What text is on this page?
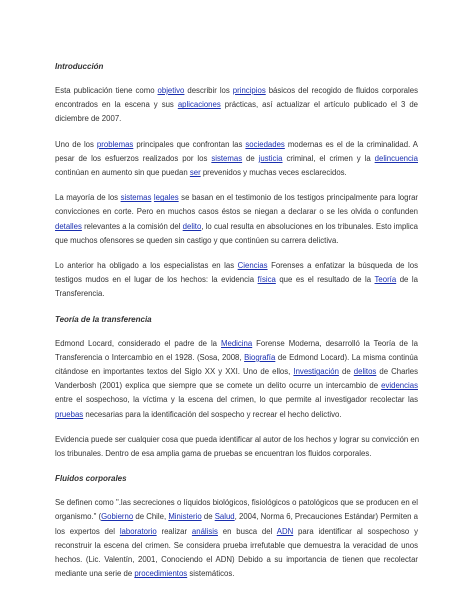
Introducción
Esta publicación tiene como objetivo describir los principios básicos del recogido de fluidos corporales
encontrados en la escena y sus aplicaciones prácticas, así actualizar el artículo publicado el 3 de
diciembre de 2007.
Uno de los problemas principales que confrontan las sociedades modernas es el de la criminalidad. A
pesar de los esfuerzos realizados por los sistemas de justicia criminal, el crimen y la delincuencia
continúan en aumento sin que puedan ser prevenidos y muchas veces esclarecidos.
La mayoría de los sistemas legales se basan en el testimonio de los testigos principalmente para lograr
convicciones en corte. Pero en muchos casos éstos se niegan a declarar o se les olvida o confunden
detalles relevantes a la comisión del delito, lo cual resulta en absoluciones en los tribunales. Esto implica
que muchos ofensores se queden sin castigo y que continúen su carrera delictiva.
Lo anterior ha obligado a los especialistas en las Ciencias Forenses a enfatizar la búsqueda de los
testigos mudos en el lugar de los hechos: la evidencia física que es el resultado de la Teoría de la
Transferencia.
Teoría de la transferencia
Edmond Locard, considerado el padre de la Medicina Forense Moderna, desarrolló la Teoría de la
Transferencia o Intercambio en el 1928. (Sosa, 2008, Biografía de Edmond Locard). La misma continúa
citándose en importantes textos del Siglo XX y XXI. Uno de ellos, Investigación de delitos de Charles
Vanderbosh (2001) explica que siempre que se comete un delito ocurre un intercambio de evidencias
entre el sospechoso, la víctima y la escena del crimen, lo que permite al investigador recolectar las
pruebas necesarias para la identificación del sospecho y recrear el hecho delictivo.
Evidencia puede ser cualquier cosa que pueda identificar al autor de los hechos y lograr su convicción en
los tribunales. Dentro de esa amplia gama de pruebas se encuentran los fluidos corporales.
Fluidos corporales
Se definen como ".las secreciones o líquidos biológicos, fisiológicos o patológicos que se producen en el
organismo." (Gobierno de Chile, Ministerio de Salud, 2004, Norma 6, Precauciones Estándar) Permiten a
los expertos del laboratorio realizar análisis en busca del ADN para identificar al sospechoso y
reconstruir la escena del crimen. Se considera prueba irrefutable que demuestra la veracidad de unos
hechos. (Lic. Valentín, 2001, Conociendo el ADN) Debido a su importancia de tienen que recolectar
mediante una serie de procedimientos sistemáticos.
